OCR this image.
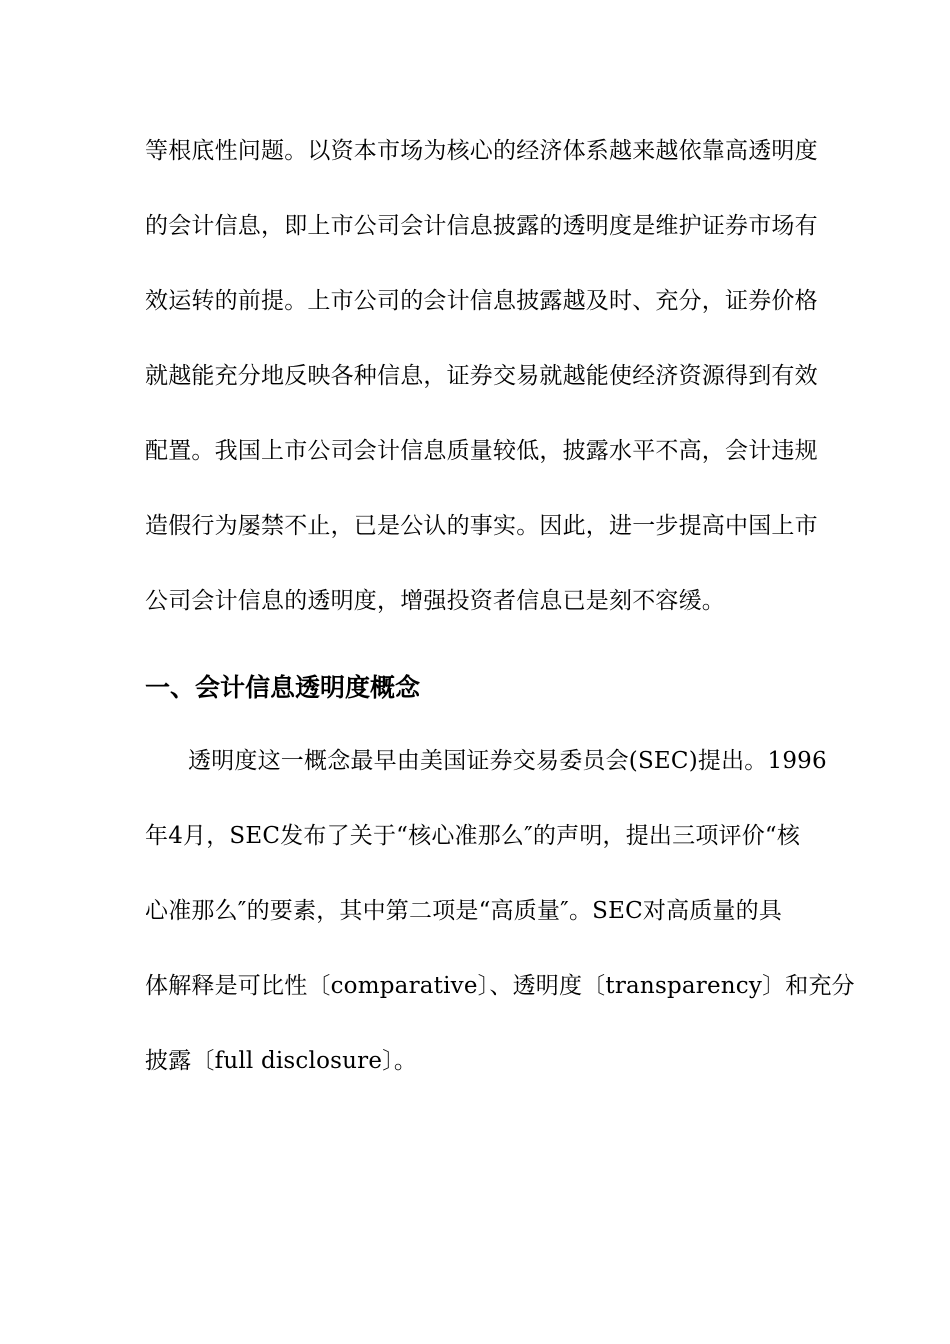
等根底性问题。以资本市场为核心的经济体系越来越依靠高透明度
的会计信息，即上市公司会计信息披露的透明度是维护证券市场有
效运转的前提。上市公司的会计信息披露越及时、充分，证券价格
就越能充分地反映各种信息，证券交易就越能使经济资源得到有效
配置。我国上市公司会计信息质量较低，披露水平不高，会计违规
造假行为屡禁不止，已是公认的事实。因此，进一步提高中国上市
公司会计信息的透明度，增强投资者信息已是刻不容缓。
一、会计信息透明度概念
透明度这一概念最早由美国证券交易委员会(SEC)提出。1996
年4月，SEC发布了关于“核心准那么″的声明，提出三项评价“核
心准那么″的要素，其中第二项是“高质量″。SEC对高质量的具
体解释是可比性〔comparative〕、透明度〔transparency〕和充分
披露〔full disclosure〕。
